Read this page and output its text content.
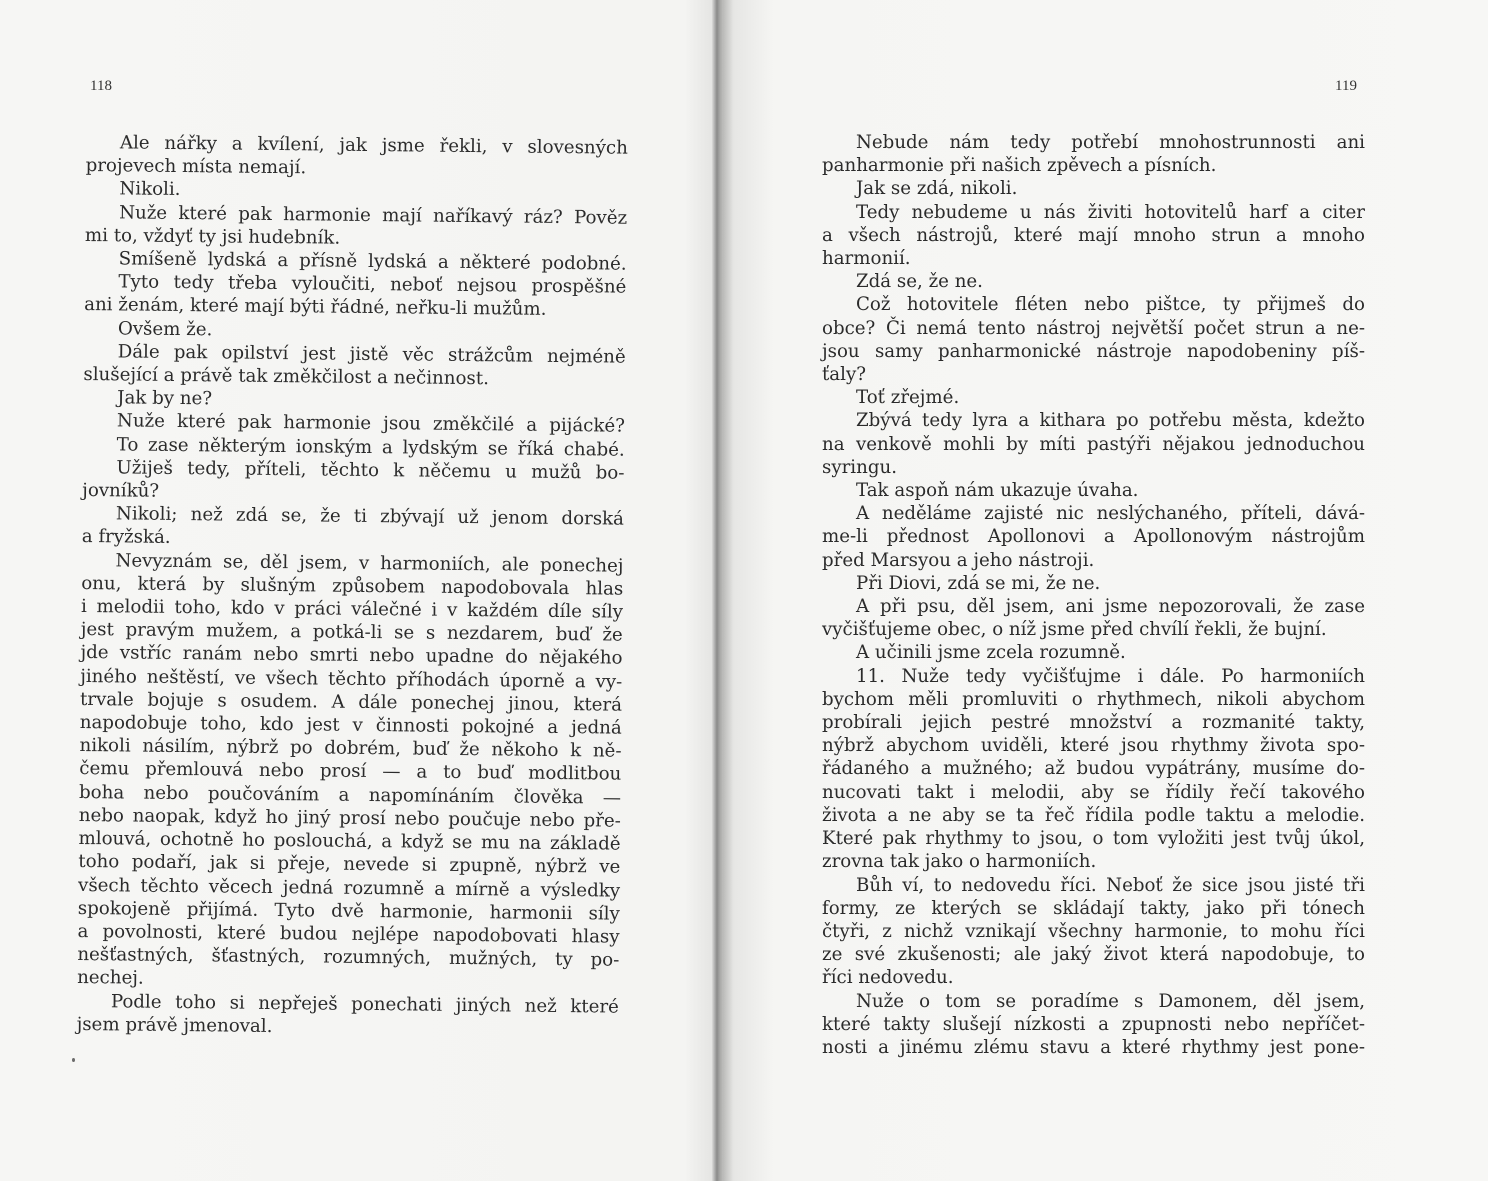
118
Ale nářky a kvílení, jak jsme řekli, v slovesných
projevech místa nemají.
Nikoli.
Nuže které pak harmonie mají naříkavý ráz? Pověz
mi to, vždyť ty jsi hudebník.
Smíšeně lydská a přísně lydská a některé podobné.
Tyto tedy třeba vyloučiti, neboť nejsou prospěšné
ani ženám, které mají býti řádné, neřku-li mužům.
Ovšem že.
Dále pak opilství jest jistě věc strážcům nejméně
slušející a právě tak změkčilost a nečinnost.
Jak by ne?
Nuže které pak harmonie jsou změkčilé a pijácké?
To zase některým ionským a lydským se říká chabé.
Užiješ tedy, příteli, těchto k něčemu u mužů bo-
jovníků?
Nikoli; než zdá se, že ti zbývají už jenom dorská
a fryžská.
Nevyznám se, děl jsem, v harmoniích, ale ponechej
onu, která by slušným způsobem napodobovala hlas
i melodii toho, kdo v práci válečné i v každém díle síly
jest pravým mužem, a potká-li se s nezdarem, buď že
jde vstříc ranám nebo smrti nebo upadne do nějakého
jiného neštěstí, ve všech těchto příhodách úporně a vy-
trvale bojuje s osudem. A dále ponechej jinou, která
napodobuje toho, kdo jest v činnosti pokojné a jedná
nikoli násilím, nýbrž po dobrém, buď že někoho k ně-
čemu přemlouvá nebo prosí — a to buď modlitbou
boha nebo poučováním a napomínáním člověka —
nebo naopak, když ho jiný prosí nebo poučuje nebo pře-
mlouvá, ochotně ho poslouchá, a když se mu na základě
toho podaří, jak si přeje, nevede si zpupně, nýbrž ve
všech těchto věcech jedná rozumně a mírně a výsledky
spokojeně přijímá. Tyto dvě harmonie, harmonii síly
a povolnosti, které budou nejlépe napodobovati hlasy
nešťastných, šťastných, rozumných, mužných, ty po-
nechej.
Podle toho si nepřeješ ponechati jiných než které
jsem právě jmenoval.
119
Nebude nám tedy potřebí mnohostrunnosti ani
panharmonie při našich zpěvech a písních.
Jak se zdá, nikoli.
Tedy nebudeme u nás živiti hotovitelů harf a citer
a všech nástrojů, které mají mnoho strun a mnoho
harmonií.
Zdá se, že ne.
Což hotovitele fléten nebo pištce, ty přijmeš do
obce? Či nemá tento nástroj největší počet strun a ne-
jsou samy panharmonické nástroje napodobeniny píš-
ťaly?
Toť zřejmé.
Zbývá tedy lyra a kithara po potřebu města, kdežto
na venkově mohli by míti pastýři nějakou jednoduchou
syringu.
Tak aspoň nám ukazuje úvaha.
A neděláme zajisté nic neslýchaného, příteli, dává-
me-li přednost Apollonovi a Apollonovým nástrojům
před Marsyou a jeho nástroji.
Při Diovi, zdá se mi, že ne.
A při psu, děl jsem, ani jsme nepozorovali, že zase
vyčišťujeme obec, o níž jsme před chvílí řekli, že bujní.
A učinili jsme zcela rozumně.
11. Nuže tedy vyčišťujme i dále. Po harmoniích
bychom měli promluviti o rhythmech, nikoli abychom
probírali jejich pestré množství a rozmanité takty,
nýbrž abychom uviděli, které jsou rhythmy života spo-
řádaného a mužného; až budou vypátrány, musíme do-
nucovati takt i melodii, aby se řídily řečí takového
života a ne aby se ta řeč řídila podle taktu a melodie.
Které pak rhythmy to jsou, o tom vyložiti jest tvůj úkol,
zrovna tak jako o harmoniích.
Bůh ví, to nedovedu říci. Neboť že sice jsou jisté tři
formy, ze kterých se skládají takty, jako při tónech
čtyři, z nichž vznikají všechny harmonie, to mohu říci
ze své zkušenosti; ale jaký život která napodobuje, to
říci nedovedu.
Nuže o tom se poradíme s Damonem, děl jsem,
které takty slušejí nízkosti a zpupnosti nebo nepříčet-
nosti a jinému zlému stavu a které rhythmy jest pone-
